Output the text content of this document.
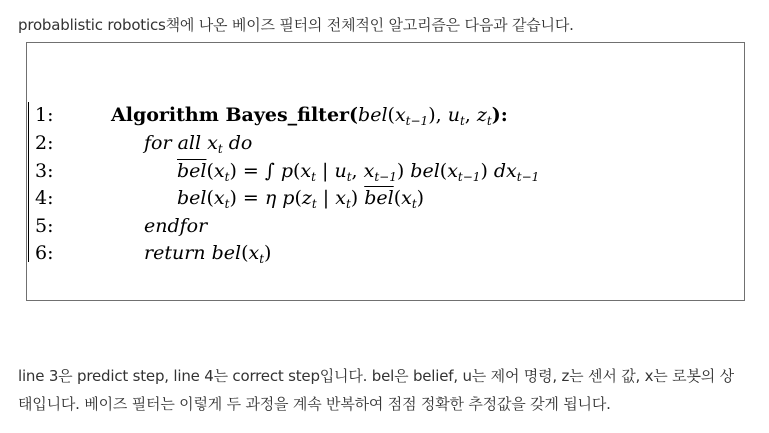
probablistic robotics책에 나온 베이즈 필터의 전체적인 알고리즘은 다음과 같습니다.
1:	Algorithm $Bayes\_filter(bel(x_{t-1})$, $u_t$, $z_t$):
2:	for all $x_t$ do
3:	$\overline{bel}(x_t)$ = ∫ $p(x_t$ | $u_t$, $x_{t-1}$) $bel(x_{t-1})$ $dx_{t-1}$
4:	$bel(x_t) = \eta$ $p(z_t$ | $x_t$) $\overline{bel}(x_t)$
5:	endfor
6:	return $bel(x_t)$

line 3은 predict step, line 4는 correct step입니다. bel은 belief, u는 제어 명령, z는 센서 값, x는 로봇의 상

태입니다. 베이즈 필터는 이렇게 두 과정을 계속 반복하여 점점 정확한 추정값을 갖게 됩니다.
